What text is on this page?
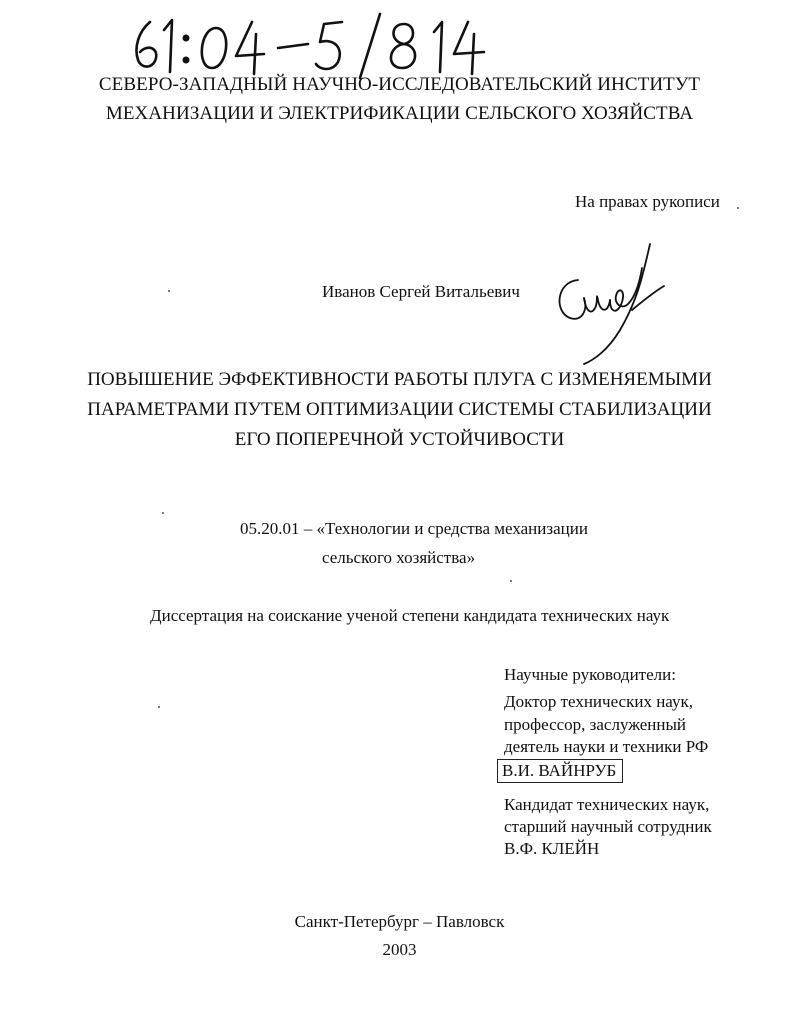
СЕВЕРО-ЗАПАДНЫЙ НАУЧНО-ИССЛЕДОВАТЕЛЬСКИЙ ИНСТИТУТ
МЕХАНИЗАЦИИ И ЭЛЕКТРИФИКАЦИИ СЕЛЬСКОГО ХОЗЯЙСТВА
На правах рукописи
Иванов Сергей Витальевич
ПОВЫШЕНИЕ ЭФФЕКТИВНОСТИ РАБОТЫ ПЛУГА С ИЗМЕНЯЕМЫМИ
ПАРАМЕТРАМИ ПУТЕМ ОПТИМИЗАЦИИ СИСТЕМЫ СТАБИЛИЗАЦИИ
ЕГО ПОПЕРЕЧНОЙ УСТОЙЧИВОСТИ
05.20.01 – «Технологии и средства механизации
сельского хозяйства»
Диссертация на соискание ученой степени кандидата технических наук
Научные руководители:
Доктор технических наук,
профессор, заслуженный
деятель науки и техники РФ
В.И. ВАЙНРУБ
Кандидат технических наук,
старший научный сотрудник
В.Ф. КЛЕЙН
Санкт-Петербург – Павловск
2003
